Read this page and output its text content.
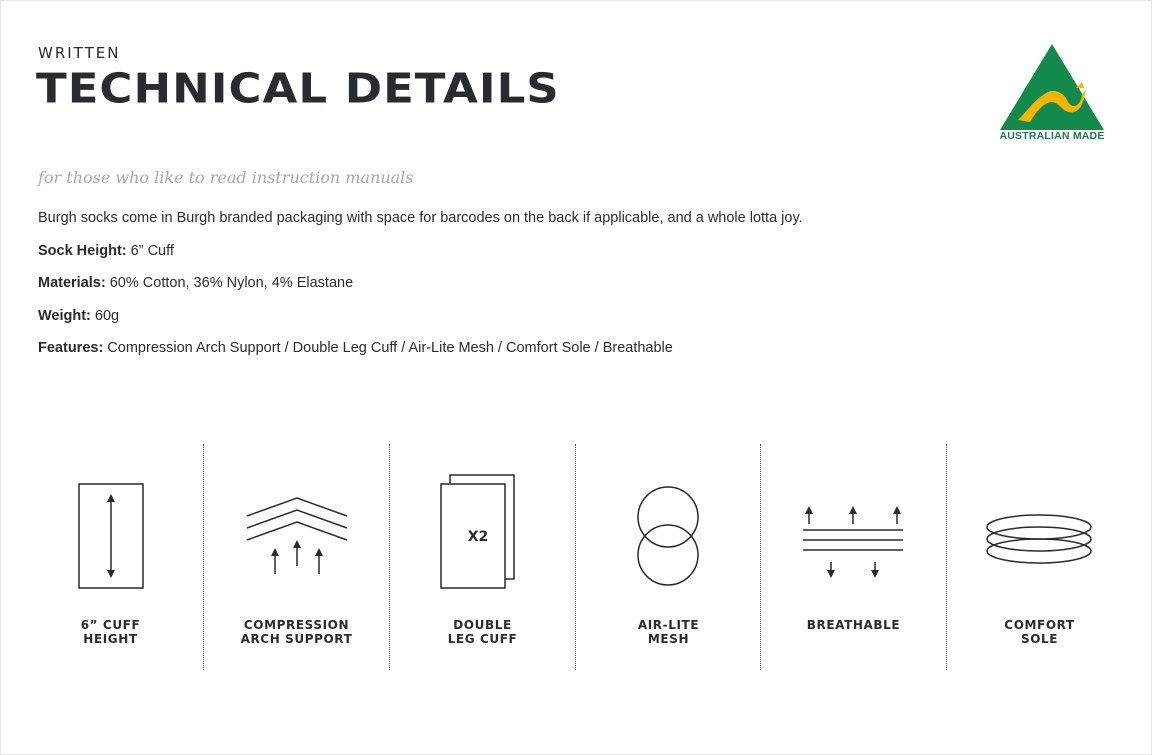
WRITTEN
TECHNICAL DETAILS
AUSTRALIAN MADE
for those who like to read instruction manuals
Burgh socks come in Burgh branded packaging with space for barcodes on the back if applicable, and a whole lotta joy.
Sock Height: 6” Cuff
Materials: 60% Cotton, 36% Nylon, 4% Elastane
Weight: 60g
Features: Compression Arch Support / Double Leg Cuff / Air-Lite Mesh / Comfort Sole / Breathable
6” CUFF
HEIGHT
COMPRESSION
ARCH SUPPORT
X2
DOUBLE
LEG CUFF
AIR-LITE
MESH
BREATHABLE	COMFORT
SOLE
